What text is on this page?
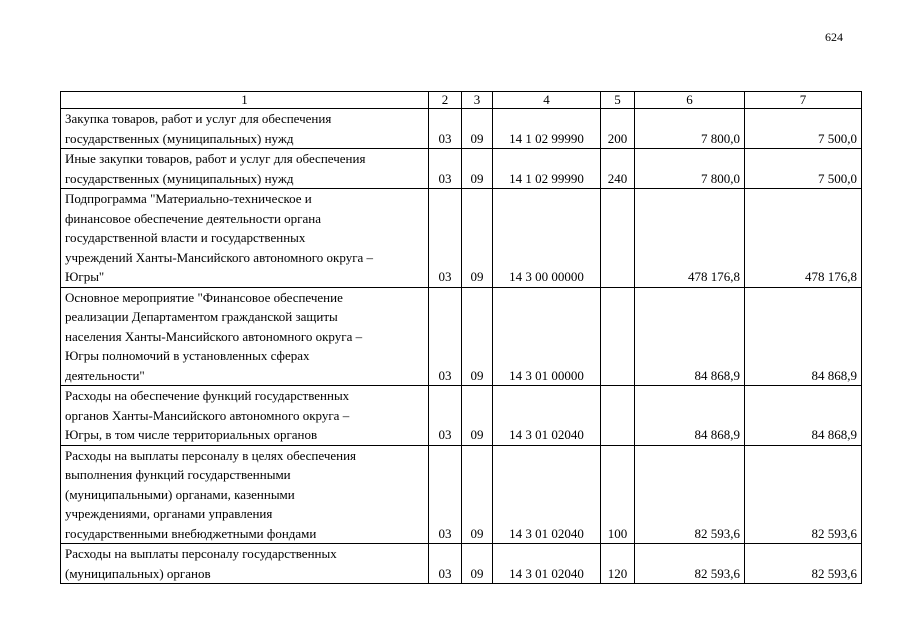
624
1	2	3	4	5	6	7

Закупка товаров, работ и услуг для обеспечения
государственных (муниципальных) нужд	03	09	14 1 02 99990	200	7 800,0	7 500,0

Иные закупки товаров, работ и услуг для обеспечения
государственных (муниципальных) нужд	03	09	14 1 02 99990	240	7 800,0	7 500,0

Подпрограмма "Материально-техническое и
финансовое обеспечение деятельности органа
государственной власти и государственных
учреждений Ханты-Мансийского автономного округа –
Югры"	03	09	14 3 00 00000		478 176,8	478 176,8

Основное мероприятие "Финансовое обеспечение
реализации Департаментом гражданской защиты
населения Ханты-Мансийского автономного округа –
Югры полномочий в установленных сферах
деятельности"	03	09	14 3 01 00000		84 868,9	84 868,9

Расходы на обеспечение функций государственных
органов Ханты-Мансийского автономного округа –
Югры, в том числе территориальных органов	03	09	14 3 01 02040		84 868,9	84 868,9

Расходы на выплаты персоналу в целях обеспечения
выполнения функций государственными
(муниципальными) органами, казенными
учреждениями, органами управления
государственными внебюджетными фондами	03	09	14 3 01 02040	100	82 593,6	82 593,6

Расходы на выплаты персоналу государственных
(муниципальных) органов	03	09	14 3 01 02040	120	82 593,6	82 593,6
